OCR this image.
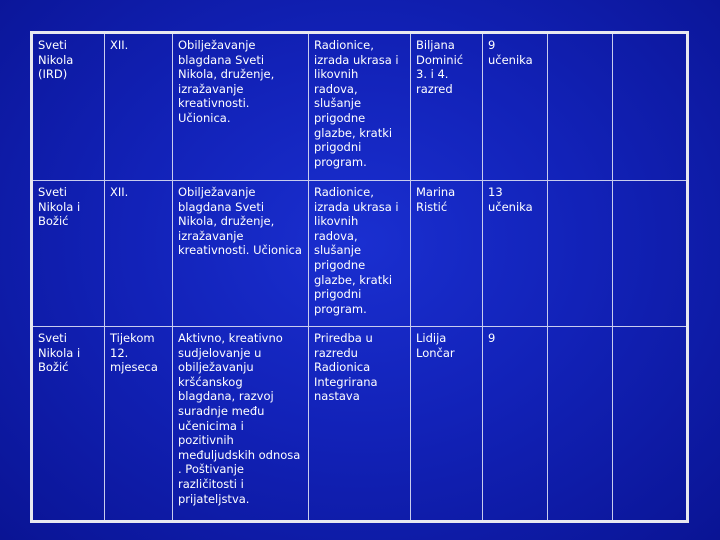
Sveti Nikola (IRD)	XII.	Obilježavanje blagdana Sveti Nikola, druženje, izražavanje kreativnosti. Učionica.	Radionice, izrada ukrasa i likovnih radova, slušanje prigodne glazbe, kratki prigodni program.	Biljana Dominić 3. i 4. razred	9 učenika		
Sveti Nikola i Božić	XII.	Obilježavanje blagdana Sveti Nikola, druženje, izražavanje kreativnosti. Učionica	Radionice, izrada ukrasa i likovnih radova, slušanje prigodne glazbe, kratki prigodni program.	Marina Ristić	13 učenika		
Sveti Nikola i Božić	Tijekom 12. mjeseca	Aktivno, kreativno sudjelovanje u obilježavanju kršćanskog blagdana, razvoj suradnje među učenicima i pozitivnih međuljudskih odnosa . Poštivanje različitosti i prijateljstva.	Priredba u razredu Radionica Integrirana nastava	Lidija Lončar	9		
